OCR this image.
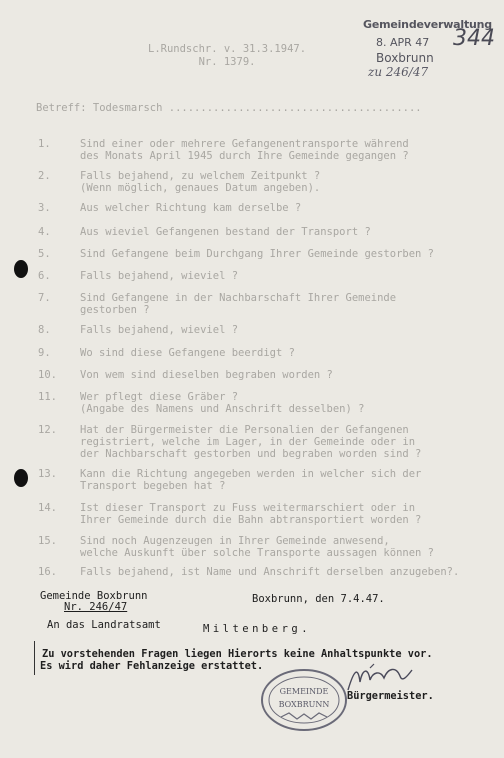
Gemeindeverwaltung
8. APR 47
Boxbrunn
zu 246/47
344
L.Rundschr. v. 31.3.1947.
Nr. 1379.
Betreff: Todesmarsch ........................................
1.	Sind einer oder mehrere Gefangenentransporte während
des Monats April 1945 durch Ihre Gemeinde gegangen ?
2.	Falls bejahend, zu welchem Zeitpunkt ?
(Wenn möglich, genaues Datum angeben).
3.	Aus welcher Richtung kam derselbe ?
4.	Aus wieviel Gefangenen bestand der Transport ?
5.	Sind Gefangene beim Durchgang Ihrer Gemeinde gestorben ?
6.	Falls bejahend, wieviel ?
7.	Sind Gefangene in der Nachbarschaft Ihrer Gemeinde
gestorben ?
8.	Falls bejahend, wieviel ?
9.	Wo sind diese Gefangene beerdigt ?
10.	Von wem sind dieselben begraben worden ?
11.	Wer pflegt diese Gräber ?
(Angabe des Namens und Anschrift desselben) ?
12.	Hat der Bürgermeister die Personalien der Gefangenen
registriert, welche im Lager, in der Gemeinde oder in
der Nachbarschaft gestorben und begraben worden sind ?
13.	Kann die Richtung angegeben werden in welcher sich der
Transport begeben hat ?
14.	Ist dieser Transport zu Fuss weitermarschiert oder in
Ihrer Gemeinde durch die Bahn abtransportiert worden ?
15.	Sind noch Augenzeugen in Ihrer Gemeinde anwesend,
welche Auskunft über solche Transporte aussagen können ?
16.	Falls bejahend, ist Name und Anschrift derselben anzugeben?.
Gemeinde Boxbrunn
Nr. 246/47
Boxbrunn, den 7.4.47.
An das Landratsamt	Miltenberg.
Zu vorstehenden Fragen liegen Hierorts keine Anhaltspunkte vor.
Es wird daher Fehlanzeige erstattet.
Bürgermeister.
GEMEINDE
BOXBRUNN
